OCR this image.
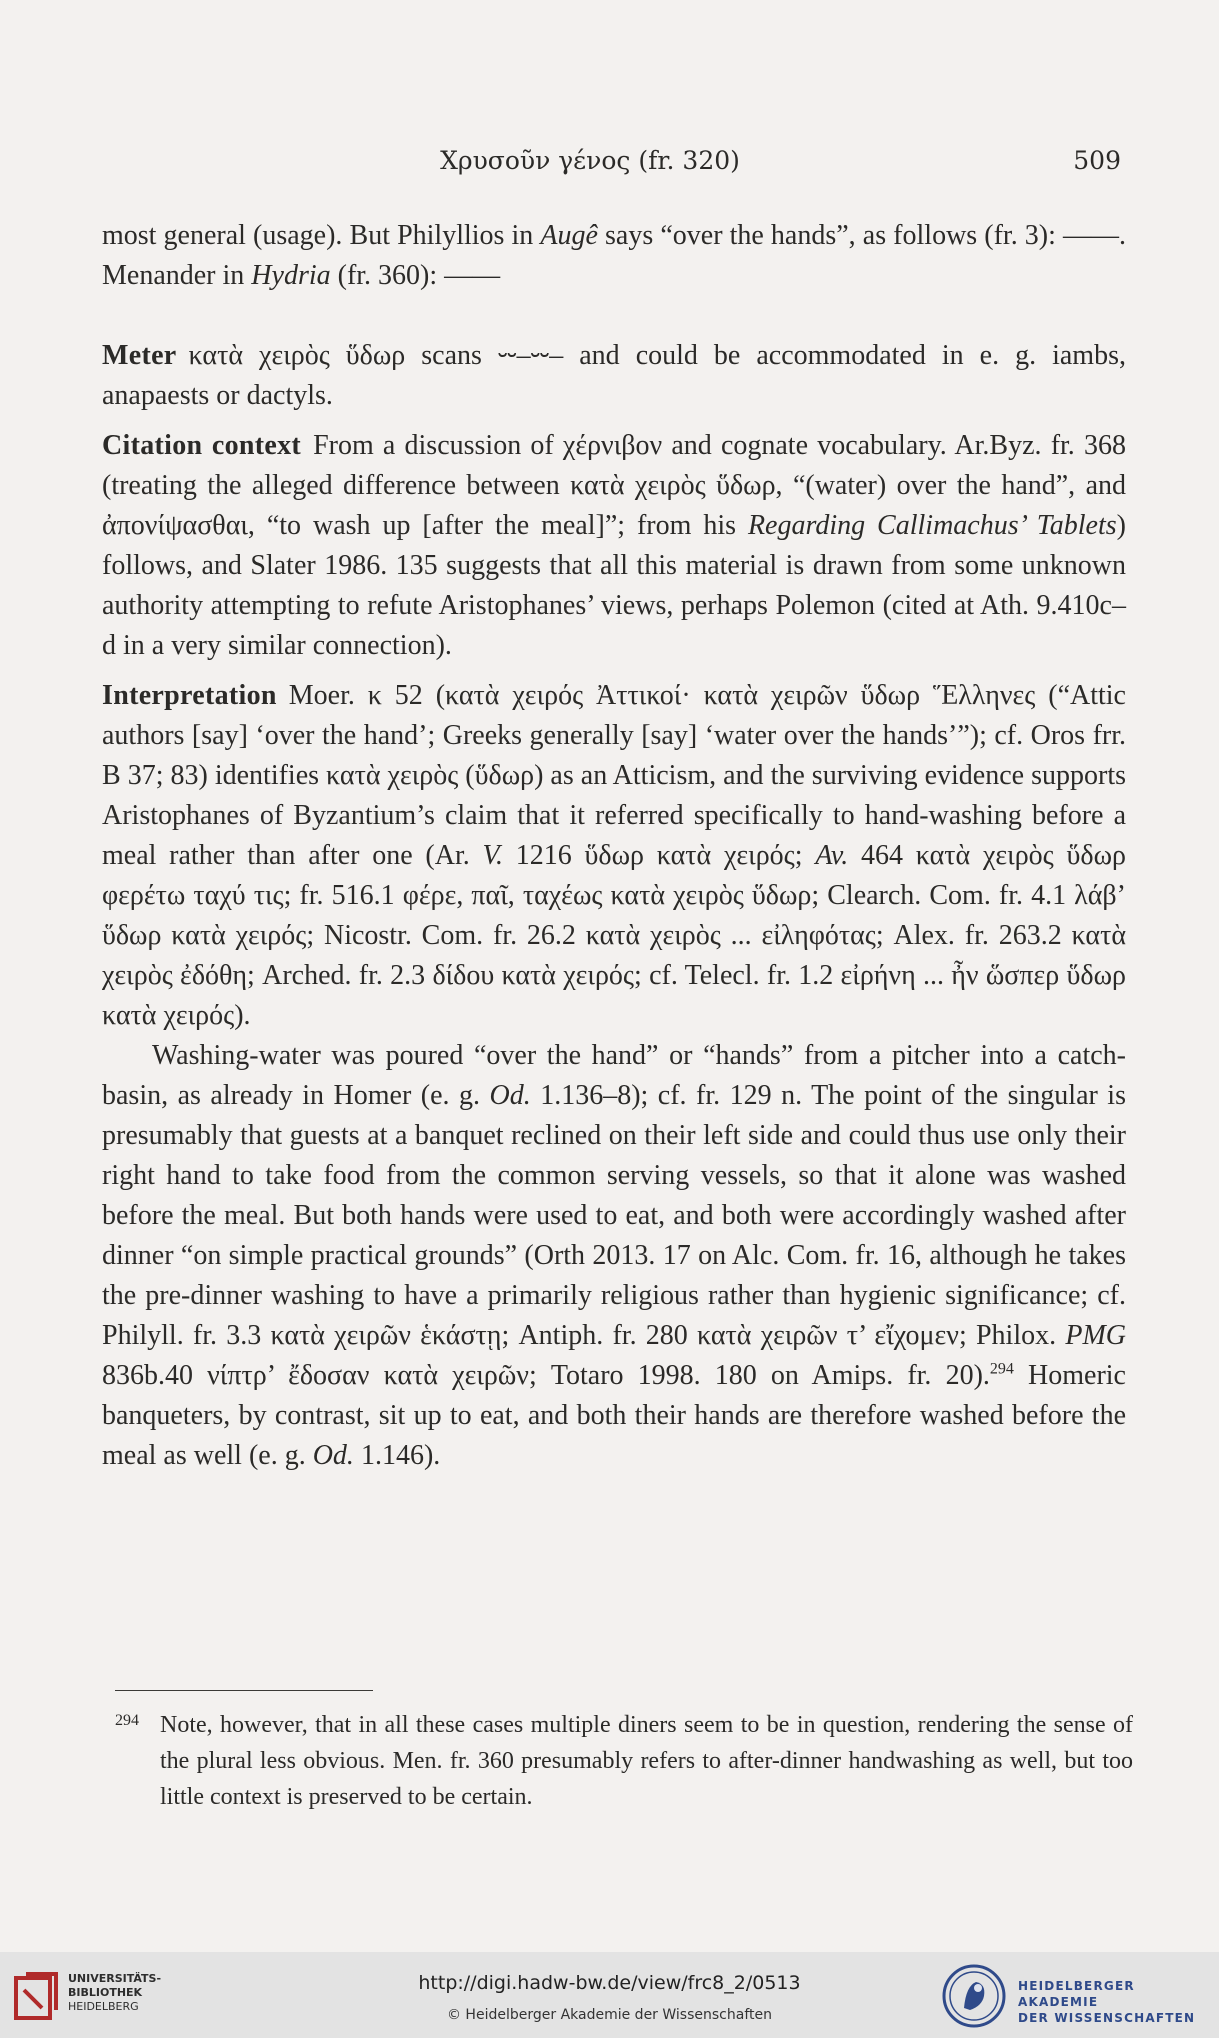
Χρυσοῦν γένος (fr. 320)	509

most general (usage). But Philyllios in Augê says “over the hands”, as follows (fr. 3): ——. Menander in Hydria (fr. 360): ——

Meter κατὰ χειρὸς ὕδωρ scans ⏑⏑–⏑⏑– and could be accommodated in e. g. iambs, anapaests or dactyls.

Citation context From a discussion of χέρνιβον and cognate vocabulary. Ar.Byz. fr. 368 (treating the alleged difference between κατὰ χειρὸς ὕδωρ, “(water) over the hand”, and ἀπονίψασθαι, “to wash up [after the meal]”; from his Regarding Callimachus’ Tablets) follows, and Slater 1986. 135 suggests that all this material is drawn from some unknown authority attempting to refute Aristophanes’ views, perhaps Polemon (cited at Ath. 9.410c–d in a very similar connection).

Interpretation Moer. κ 52 (κατὰ χειρός Ἀττικοί· κατὰ χειρῶν ὕδωρ Ἕλληνες (“Attic authors [say] ‘over the hand’; Greeks generally [say] ‘water over the hands’”); cf. Oros frr. B 37; 83) identifies κατὰ χειρὸς (ὕδωρ) as an Atticism, and the surviving evidence supports Aristophanes of Byzantium’s claim that it referred specifically to hand-washing before a meal rather than after one (Ar. V. 1216 ὕδωρ κατὰ χειρός; Av. 464 κατὰ χειρὸς ὕδωρ φερέτω ταχύ τις; fr. 516.1 φέρε, παῖ, ταχέως κατὰ χειρὸς ὕδωρ; Clearch. Com. fr. 4.1 λάβ’ ὕδωρ κατὰ χειρός; Nicostr. Com. fr. 26.2 κατὰ χειρὸς ... εἰληφότας; Alex. fr. 263.2 κατὰ χειρὸς ἐδόθη; Arched. fr. 2.3 δίδου κατὰ χειρός; cf. Telecl. fr. 1.2 εἰρήνη ... ἦν ὥσπερ ὕδωρ κατὰ χειρός).

Washing-water was poured “over the hand” or “hands” from a pitcher into a catch-basin, as already in Homer (e. g. Od. 1.136–8); cf. fr. 129 n. The point of the singular is presumably that guests at a banquet reclined on their left side and could thus use only their right hand to take food from the common serving vessels, so that it alone was washed before the meal. But both hands were used to eat, and both were accordingly washed after dinner “on simple practical grounds” (Orth 2013. 17 on Alc. Com. fr. 16, although he takes the pre-dinner washing to have a primarily religious rather than hygienic significance; cf. Philyll. fr. 3.3 κατὰ χειρῶν ἑκάστῃ; Antiph. fr. 280 κατὰ χειρῶν τ’ εἴχομεν; Philox. PMG 836b.40 νίπτρ’ ἔδοσαν κατὰ χειρῶν; Totaro 1998. 180 on Amips. fr. 20).$^{294}$ Homeric banqueters, by contrast, sit up to eat, and both their hands are therefore washed before the meal as well (e. g. Od. 1.146).

294 Note, however, that in all these cases multiple diners seem to be in question, rendering the sense of the plural less obvious. Men. fr. 360 presumably refers to after-dinner handwashing as well, but too little context is preserved to be certain.
UNIVERSITÄTS-
BIBLIOTHEK
HEIDELBERG
http://digi.hadw-bw.de/view/frc8_2/0513
© Heidelberger Akademie der Wissenschaften
HEIDELBERGER AKADEMIE
DER WISSENSCHAFTEN
